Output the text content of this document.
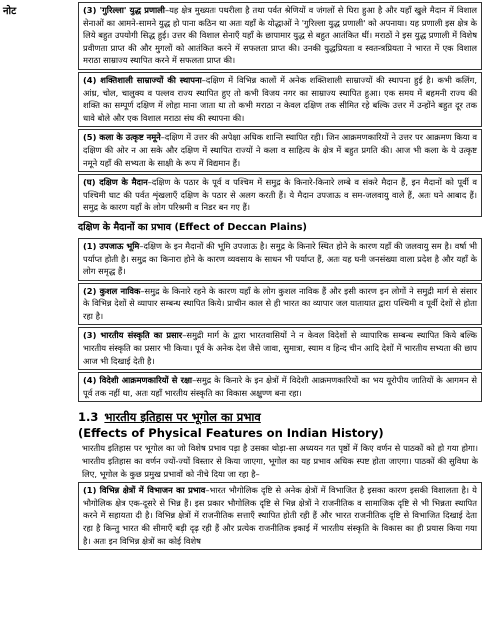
नोट	(3) 'गुरिल्ला' युद्ध प्रणाली–यह क्षेत्र मुख्यतः पथरीला है तथा पर्वत श्रेणियों व जंगलों से घिरा हुआ है और यहाँ खुले मैदान में विशाल सेनाओं का आमने-सामने युद्ध हो पाना कठिन था अतः यहाँ के योद्धाओं ने 'गुरिल्ला युद्ध प्रणाली' को अपनाया। यह प्रणाली इस क्षेत्र के लिये बहुत उपयोगी सिद्ध हुई। उत्तर की विशाल सेनाएँ यहाँ के छापामार युद्ध से बहुत आतंकित थीं। मराठों ने इस युद्ध प्रणाली में विशेष प्रवीणता प्राप्त की और मुगलों को आतंकित करने में सफलता प्राप्त की। उनकी युद्धप्रियता व स्वतन्त्रप्रियता ने भारत में एक विशाल मराठा साम्राज्य स्थापित करने में सफलता प्राप्त की।
(4) शक्तिशाली साम्राज्यों की स्थापना–दक्षिण में विभिन्न कालों में अनेक शक्तिशाली साम्राज्यों की स्थापना हुई है। कभी कलिंग, आंध्र, चोल, चालुक्य व पल्लव राज्य स्थापित हुए तो कभी विजय नगर का साम्राज्य स्थापित हुआ। एक समय में बहमनी राज्य की शक्ति का सम्पूर्ण दक्षिण में लोहा माना जाता था तो कभी मराठा न केवल दक्षिण तक सीमित रहे बल्कि उत्तर में उन्होंने बहुत दूर तक धावे बोले और एक विशाल मराठा संघ की स्थापना की।
(5) कला के उत्कृष्ट नमूने–दक्षिण में उत्तर की अपेक्षा अधिक शान्ति स्थापित रही। जिन आक्रमणकारियों ने उत्तर पर आक्रमण किया व दक्षिण की ओर न आ सके और दक्षिण में स्थापित राज्यों ने कला व साहित्य के क्षेत्र में बहुत प्रगति की। आज भी कला के ये उत्कृष्ट नमूने यहाँ की सभ्यता के साक्षी के रूप में विद्यमान हैं।
(घ) दक्षिण के मैदान–दक्षिण के पठार के पूर्व व पश्चिम में समुद्र के किनारे-किनारे लम्बे व संकरे मैदान हैं, इन मैदानों को पूर्वी व पश्चिमी घाट की पर्वत शृंखलाएँ दक्षिण के पठार से अलग करती हैं। ये मैदान उपजाऊ व सम-जलवायु वाले हैं, अतः घने आबाद हैं। समुद्र के कारण यहाँ के लोग परिश्रमी व निडर बन गए हैं।
दक्षिण के मैदानों का प्रभाव (Effect of Deccan Plains)
(1) उपजाऊ भूमि–दक्षिण के इन मैदानों की भूमि उपजाऊ है। समुद्र के किनारे स्थित होने के कारण यहाँ की जलवायु सम है। वर्षा भी पर्याप्त होती है। समुद्र का किनारा होने के कारण व्यवसाय के साधन भी पर्याप्त हैं, अतः यह घनी जनसंख्या वाला प्रदेश है और यहाँ के लोग समृद्ध हैं।
(2) कुशल नाविक–समुद्र के किनारे रहने के कारण यहाँ के लोग कुशल नाविक हैं और इसी कारण इन लोगों ने समुद्री मार्ग से संसार के विभिन्न देशों से व्यापार सम्बन्ध स्थापित किये। प्राचीन काल से ही भारत का व्यापार जल यातायात द्वारा पश्चिमी व पूर्वी देशों से होता रहा है।
(3) भारतीय संस्कृति का प्रसार–समुद्री मार्ग के द्वारा भारतवासियों ने न केवल विदेशों से व्यापारिक सम्बन्ध स्थापित किये बल्कि भारतीय संस्कृति का प्रसार भी किया। पूर्व के अनेक देश जैसे जावा, सुमात्रा, स्याम व हिन्द चीन आदि देशों में भारतीय सभ्यता की छाप आज भी दिखाई देती है।
(4) विदेशी आक्रमणकारियों से रक्षा–समुद्र के किनारे के इन क्षेत्रों में विदेशी आक्रमणकारियों का भय यूरोपीय जातियों के आगमन से पूर्व तक नहीं था, अतः यहाँ भारतीय संस्कृति का विकास अक्षुण्ण बना रहा।
1.3 भारतीय इतिहास पर भूगोल का प्रभाव
(Effects of Physical Features on Indian History)
भारतीय इतिहास पर भूगोल का जो विशेष प्रभाव पड़ा है उसका थोड़ा-सा अध्ययन गत पृष्ठों में किए वर्णन से पाठकों को हो गया होगा। भारतीय इतिहास का वर्णन ज्यों-ज्यों विस्तार से किया जाएगा, भूगोल का यह प्रभाव अधिक स्पष्ट होता जाएगा। पाठकों की सुविधा के लिए, भूगोल के कुछ प्रमुख प्रभावों को नीचे दिया जा रहा है–
(1) विभिन्न क्षेत्रों में विभाजन का प्रभाव–भारत भौगोलिक दृष्टि से अनेक क्षेत्रों में विभाजित है इसका कारण इसकी विशालता है। ये भौगोलिक क्षेत्र एक-दूसरे से भिन्न हैं। इस प्रकार भौगोलिक दृष्टि से भिन्न क्षेत्रों ने राजनीतिक व सामाजिक दृष्टि से भी भिन्नता स्थापित करने में सहायता दी है। विभिन्न क्षेत्रों में राजनीतिक सत्ताएँ स्थापित होती रही हैं और भारत राजनीतिक दृष्टि से विभाजित दिखाई देता रहा है किन्तु भारत की सीमाएँ बड़ी दृढ़ रही हैं और प्रत्येक राजनीतिक इकाई में भारतीय संस्कृति के विकास का ही प्रयास किया गया है। अतः इन विभिन्न क्षेत्रों का कोई विशेष
